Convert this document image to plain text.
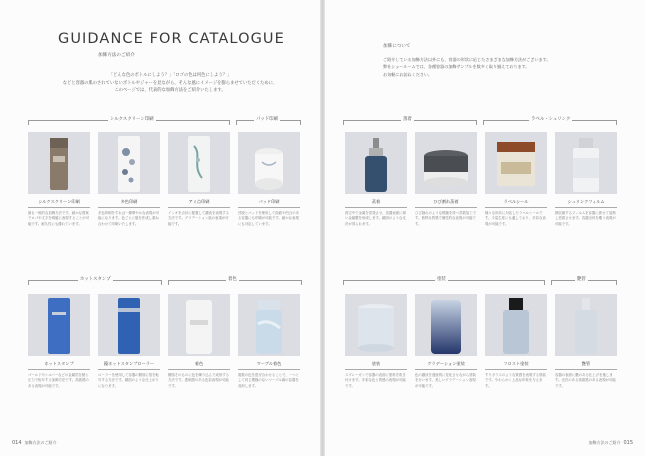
GUIDANCE FOR CATALOGUE
加飾方法のご紹介
「どんな色のボトルにしよう？」「ロゴの色は何色にしよう？」
などと容器の肌のされていないボトルやジャーを見ながら、そんな風にイメージを膨らませていただくために、
このページでは、代表的な加飾方法をご紹介いたします。
加飾について
ご紹介している加飾方法以外にも、容器の形状に応じたさまざまな加飾方法がございます。
弊社ショールームでは、各種容器の加飾サンプルを数多く取り揃えております。
お気軽にお訪ねください。
シルクスクリーン印刷	パッド印刷	蒸着	ラベル・シュリンク
ホットスタンプ	着色	塗装	艶管
シルクスクリーン印刷
最も一般的な加飾方法です。細かな図案でロゴや文字を明確に表現することが可能です。耐久性にも優れています。
多色印刷
多色印刷をすれば一層華やかな表現が可能になります。色ごとに版を作成し重ね合わせて印刷いたします。
アミ点印刷
インキを点状に配置して濃淡を表現する方法です。グラデーション風の表現が可能です。
パッド印刷
凹版とパッドを使用して曲面や凹凸のある容器にも印刷が可能です。細かな表現にも対応しています。
蒸着
真空中で金属を蒸発させ、容器表面に薄い金属膜を形成します。鏡面のような光沢が得られます。
ひび割れ蒸着
ひび割れのような模様を持つ蒸着加工です。独特な質感で個性的な表現が可能です。
ラベルシール
様々な形状に対応したラベルシールです。少量生産にも適しており、多彩な表現が可能です。
シュリンクフィルム
熱収縮するフィルムを容器に被せて加熱し密着させます。容器全体を覆う表現が可能です。
ホットスタンプ
ゴールドやシルバーなどの金属箔を熱と圧力で転写する加飾方法です。高級感のある表現が可能です。
鏡ホットスタンプローラー
ローラーを使用して容器の側面に箔を転写する方法です。鏡面のような仕上がりになります。
着色
樹脂そのものに色を練り込んで成形する方法です。透明感のある色彩表現が可能です。
マーブル着色
複数の色を混ぜ合わせることで、一つとして同じ模様のないマーブル調の容器を成形します。
塗装
スプレーガンで容器の表面に塗料を吹き付けます。多彩な色と質感の表現が可能です。
グラデーション塗装
色の濃淡を連続的に変化させながら塗装を行います。美しいグラデーション表現が可能です。
フロスト塗装
すりガラスのような質感を表現する塗装です。やわらかく上品な印象を与えます。
艶管
容器の表面に艶のある仕上げを施します。光沢のある高級感のある表現が可能です。
014 加飾方法のご紹介	加飾方法のご紹介 015
